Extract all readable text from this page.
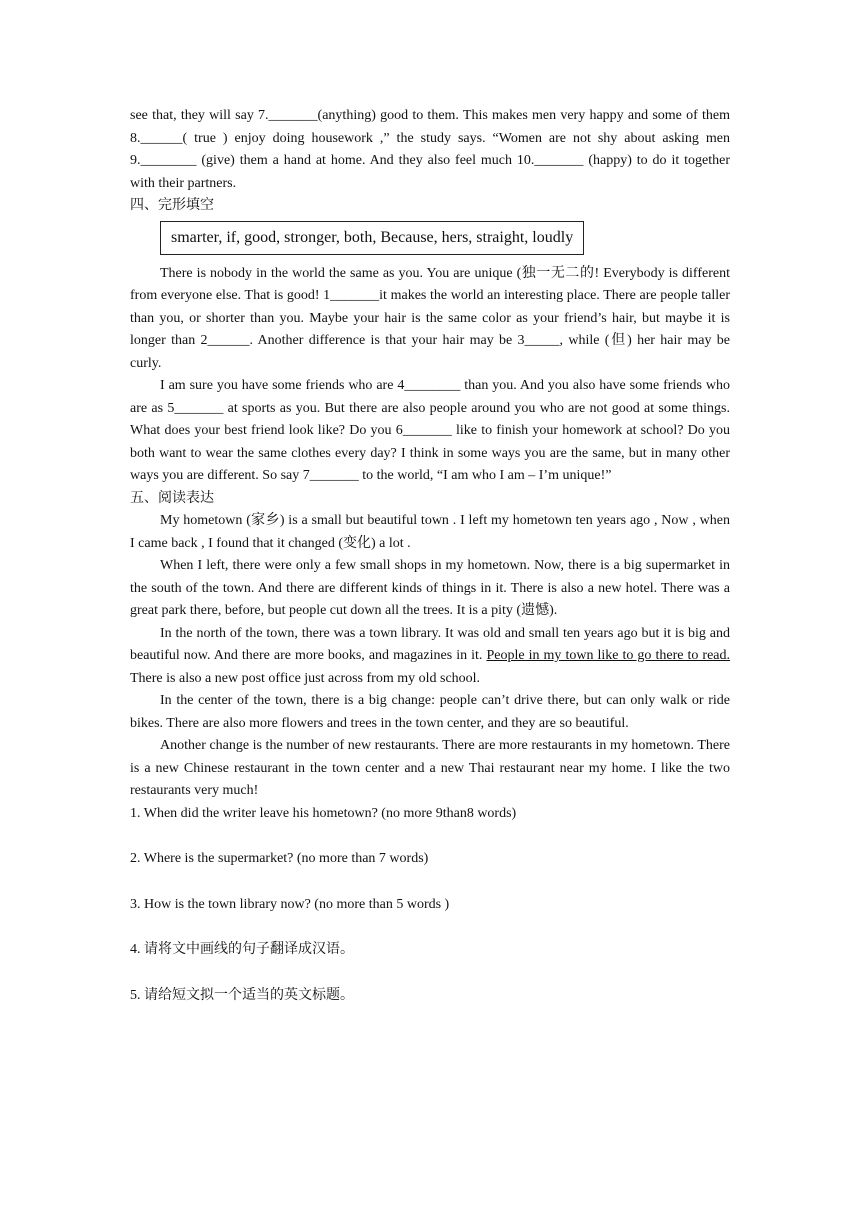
see that, they will say 7._______(anything) good to them. This makes men very happy and some of them 8.______( true ) enjoy doing housework ,” the study says. “Women are not shy about asking men 9.________ (give) them a hand at home. And they also feel much 10._______ (happy) to do it together with their partners.

四、完形填空

smarter, if, good, stronger, both, Because, hers, straight, loudly

There is nobody in the world the same as you. You are unique (独一无二的! Everybody is different from everyone else. That is good! 1_______it makes the world an interesting place. There are people taller than you, or shorter than you. Maybe your hair is the same color as your friend’s hair, but maybe it is longer than 2______. Another difference is that your hair may be 3_____, while (但) her hair may be curly.

I am sure you have some friends who are 4________ than you. And you also have some friends who are as 5_______ at sports as you. But there are also people around you who are not good at some things. What does your best friend look like? Do you 6_______ like to finish your homework at school? Do you both want to wear the same clothes every day? I think in some ways you are the same, but in many other ways you are different. So say 7_______ to the world, “I am who I am – I’m unique!”

五、阅读表达

My hometown (家乡) is a small but beautiful town . I left my hometown ten years ago , Now , when I came back , I found that it changed (变化) a lot .

When I left, there were only a few small shops in my hometown. Now, there is a big supermarket in the south of the town. And there are different kinds of things in it. There is also a new hotel. There was a great park there, before, but people cut down all the trees. It is a pity (遗憾).

In the north of the town, there was a town library. It was old and small ten years ago but it is big and beautiful now. And there are more books, and magazines in it. People in my town like to go there to read. There is also a new post office just across from my old school.

In the center of the town, there is a big change: people can’t drive there, but can only walk or ride bikes. There are also more flowers and trees in the town center, and they are so beautiful.

Another change is the number of new restaurants. There are more restaurants in my hometown. There is a new Chinese restaurant in the town center and a new Thai restaurant near my home. I like the two restaurants very much!

1. When did the writer leave his hometown? (no more 9than8 words)

2. Where is the supermarket? (no more than 7 words)

3. How is the town library now? (no more than 5 words )

4. 请将文中画线的句子翻译成汉语。

5. 请给短文拟一个适当的英文标题。
